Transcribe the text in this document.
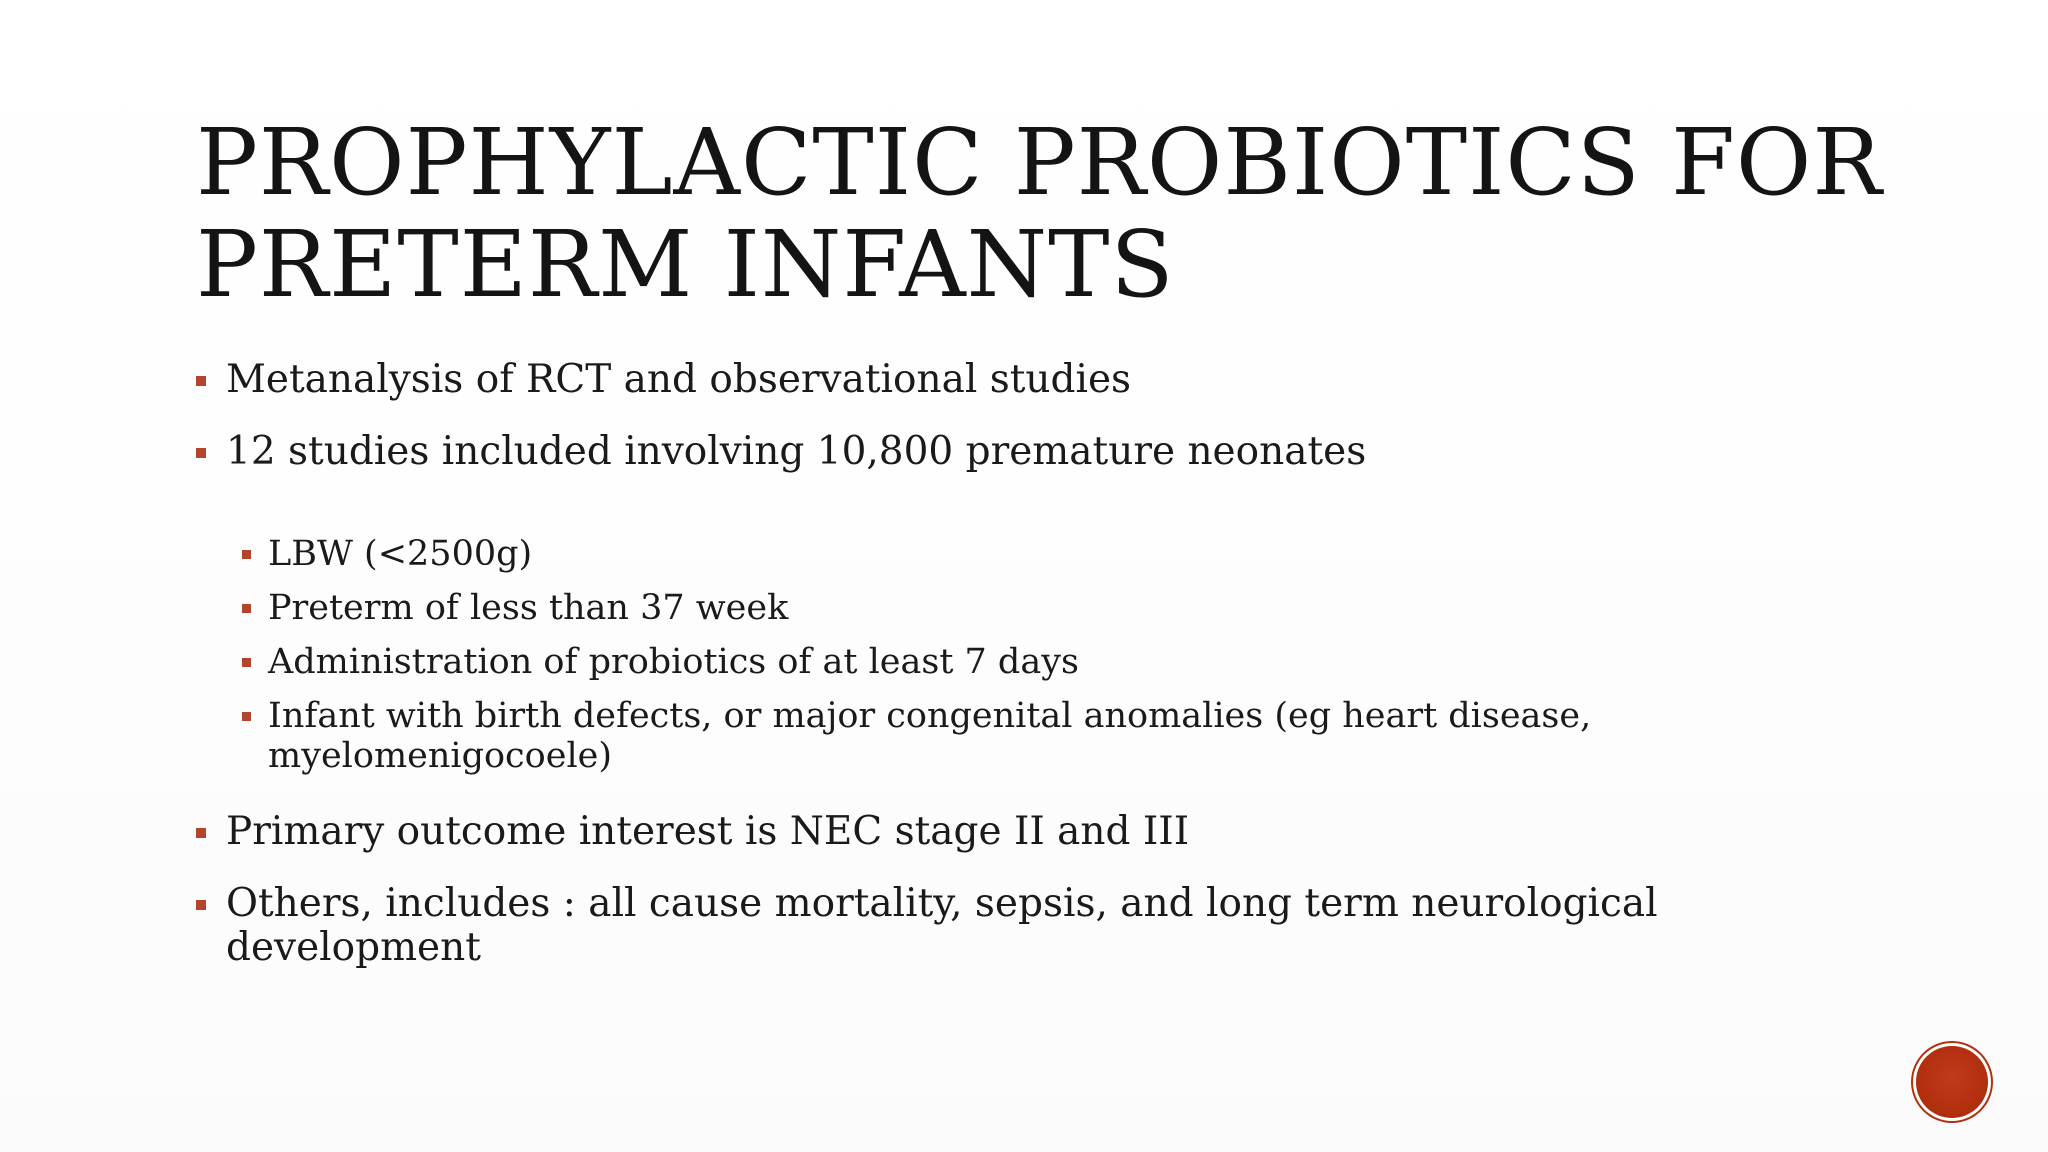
PROPHYLACTIC PROBIOTICS FOR PRETERM INFANTS
Metanalysis of RCT and observational studies
12 studies included involving 10,800 premature neonates
LBW (<2500g)
Preterm of less than 37 week
Administration of probiotics of at least 7 days
Infant with birth defects, or major congenital anomalies (eg heart disease, myelomenigocoele)
Primary outcome interest is NEC stage II and III
Others, includes : all cause mortality, sepsis, and long term neurological development
